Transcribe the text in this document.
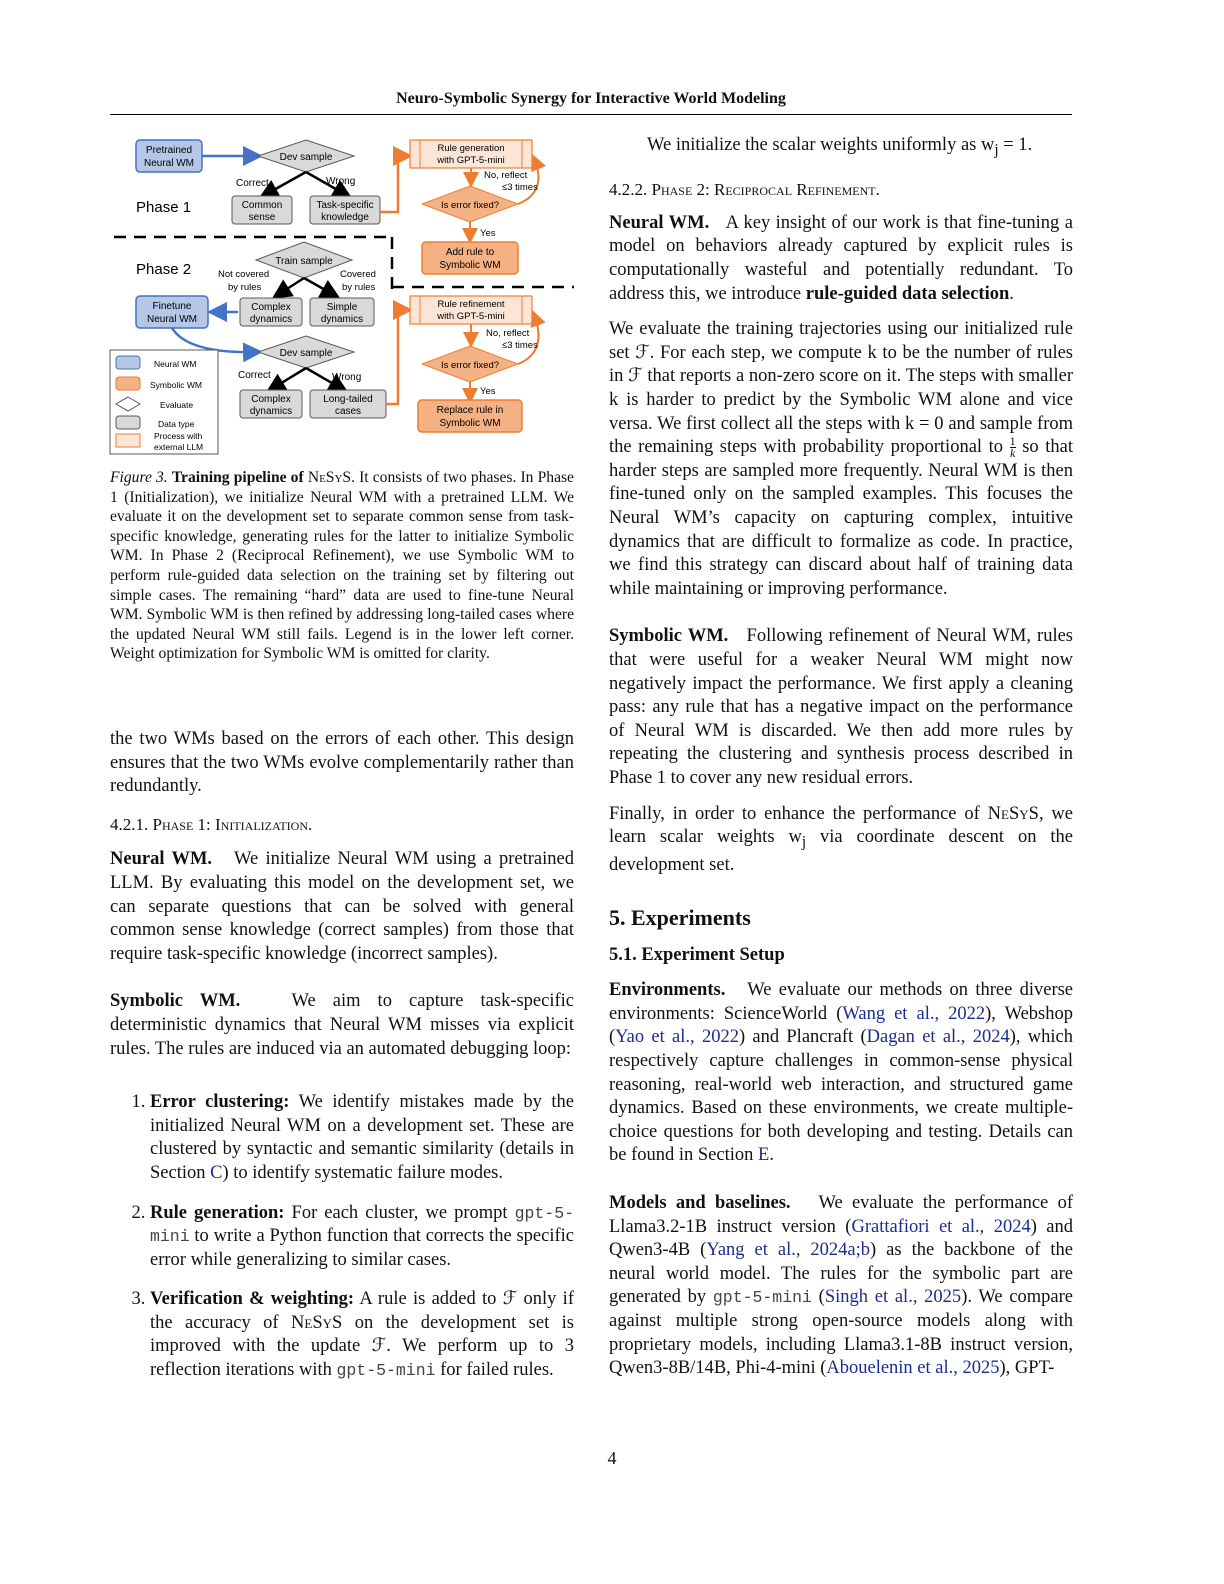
Neuro-Symbolic Synergy for Interactive World Modeling
Pretrained
Neural WM
Dev sample
Correct	Wrong
Common
sense
Task-specific
knowledge
Phase 1
Rule generation
with GPT-5-mini
Is error fixed?
No, reflect
≤3 times
Yes
Add rule to
Symbolic WM
Phase 2	Train sample
Not covered
by rules
Covered
by rules
Finetune
Neural WM
Complex
dynamics
Simple
dynamics
Dev sample
Correct	Wrong
Complex
dynamics
Long-tailed
cases
Rule refinement
with GPT-5-mini
Is error fixed?
No, reflect
≤3 times
Yes
Replace rule in
Symbolic WM
Neural WM
Symbolic WM
Evaluate
Data type
Process with
external LLM

Figure 3. Training pipeline of NeSyS. It consists of two phases. In Phase 1 (Initialization), we initialize Neural WM with a pretrained LLM. We evaluate it on the development set to separate common sense from task-specific knowledge, generating rules for the latter to initialize Symbolic WM. In Phase 2 (Reciprocal Refinement), we use Symbolic WM to perform rule-guided data selection on the training set by filtering out simple cases. The remaining “hard” data are used to fine-tune Neural WM. Symbolic WM is then refined by addressing long-tailed cases where the updated Neural WM still fails. Legend is in the lower left corner. Weight optimization for Symbolic WM is omitted for clarity.

the two WMs based on the errors of each other. This design ensures that the two WMs evolve complementarily rather than redundantly.

4.2.1. Phase 1: Initialization.

Neural WM. We initialize Neural WM using a pretrained LLM. By evaluating this model on the development set, we can separate questions that can be solved with general common sense knowledge (correct samples) from those that require task-specific knowledge (incorrect samples).

Symbolic WM.	We aim to capture task-specific deterministic dynamics that Neural WM misses via explicit rules. The rules are induced via an automated debugging loop:

1. Error clustering: We identify mistakes made by the initialized Neural WM on a development set. These are clustered by syntactic and semantic similarity (details in Section C) to identify systematic failure modes.
2. Rule generation: For each cluster, we prompt gpt-5-mini to write a Python function that corrects the specific error while generalizing to similar cases.
3. Verification & weighting: A rule is added to ℱ only if the accuracy of NeSyS on the development set is improved with the update ℱ. We perform up to 3 reflection iterations with gpt-5-mini for failed rules.

We initialize the scalar weights uniformly as $w_j = 1$.

4.2.2. Phase 2: Reciprocal Refinement.

Neural WM. A key insight of our work is that fine-tuning a model on behaviors already captured by explicit rules is computationally wasteful and potentially redundant. To address this, we introduce rule-guided data selection.

We evaluate the training trajectories using our initialized rule set ℱ. For each step, we compute k to be the number of rules in ℱ that reports a non-zero score on it. The steps with smaller k is harder to predict by the Symbolic WM alone and vice versa. We first collect all the steps with k = 0 and sample from the remaining steps with probability proportional to $\frac{1}{k}$ so that harder steps are sampled more frequently. Neural WM is then fine-tuned only on the sampled examples. This focuses the Neural WM’s capacity on capturing complex, intuitive dynamics that are difficult to formalize as code. In practice, we find this strategy can discard about half of training data while maintaining or improving performance.

Symbolic WM. Following refinement of Neural WM, rules that were useful for a weaker Neural WM might now negatively impact the performance. We first apply a cleaning pass: any rule that has a negative impact on the performance of Neural WM is discarded. We then add more rules by repeating the clustering and synthesis process described in Phase 1 to cover any new residual errors.

Finally, in order to enhance the performance of NeSyS, we learn scalar weights $w_j$ via coordinate descent on the development set.

5. Experiments

5.1. Experiment Setup

Environments. We evaluate our methods on three diverse environments: ScienceWorld (Wang et al., 2022), Webshop (Yao et al., 2022) and Plancraft (Dagan et al., 2024), which respectively capture challenges in common-sense physical reasoning, real-world web interaction, and structured game dynamics. Based on these environments, we create multiple-choice questions for both developing and testing. Details can be found in Section E.

Models and baselines. We evaluate the performance of Llama3.2-1B instruct version (Grattafiori et al., 2024) and Qwen3-4B (Yang et al., 2024a;b) as the backbone of the neural world model. The rules for the symbolic part are generated by gpt-5-mini (Singh et al., 2025). We compare against multiple strong open-source models along with proprietary models, including Llama3.1-8B instruct version, Qwen3-8B/14B, Phi-4-mini (Abouelenin et al., 2025), GPT-

4
